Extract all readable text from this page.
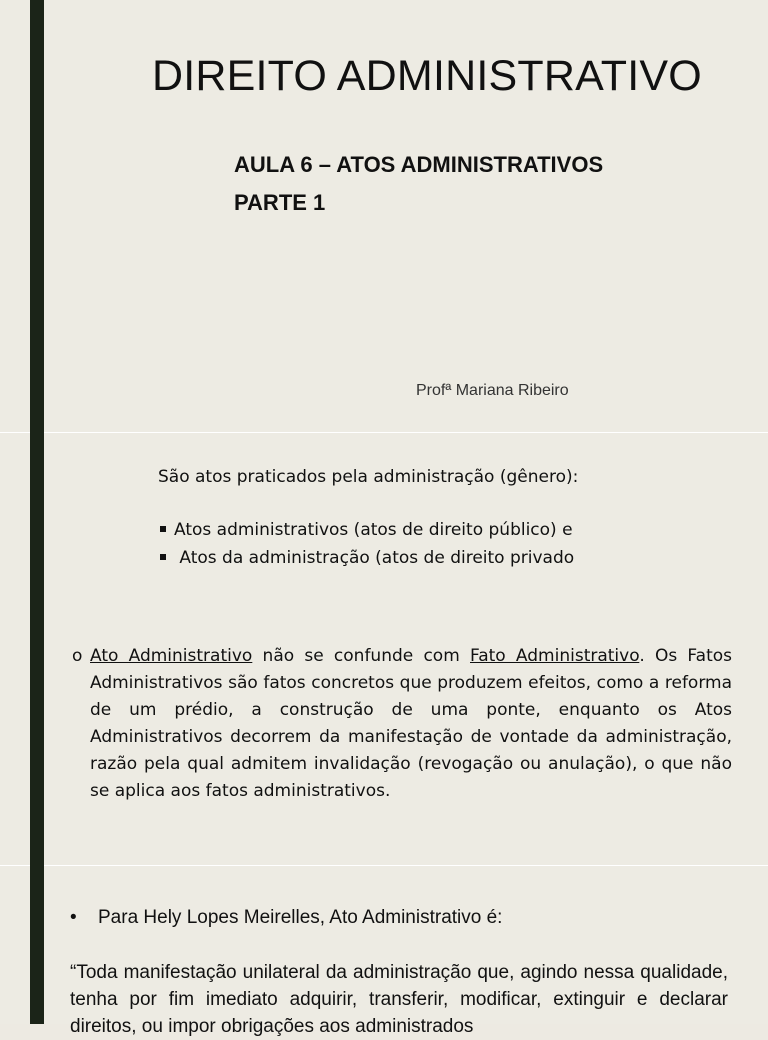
DIREITO ADMINISTRATIVO
AULA 6 – ATOS ADMINISTRATIVOS
PARTE 1
Profª Mariana Ribeiro
São atos praticados pela administração (gênero):
Atos administrativos (atos de direito público) e
Atos da administração (atos de direito privado
o Ato Administrativo não se confunde com Fato Administrativo. Os Fatos Administrativos são fatos concretos que produzem efeitos, como a reforma de um prédio, a construção de uma ponte, enquanto os Atos Administrativos decorrem da manifestação de vontade da administração, razão pela qual admitem invalidação (revogação ou anulação), o que não se aplica aos fatos administrativos.
• Para Hely Lopes Meirelles, Ato Administrativo é:
“Toda manifestação unilateral da administração que, agindo nessa qualidade, tenha por fim imediato adquirir, transferir, modificar, extinguir e declarar direitos, ou impor obrigações aos administrados
